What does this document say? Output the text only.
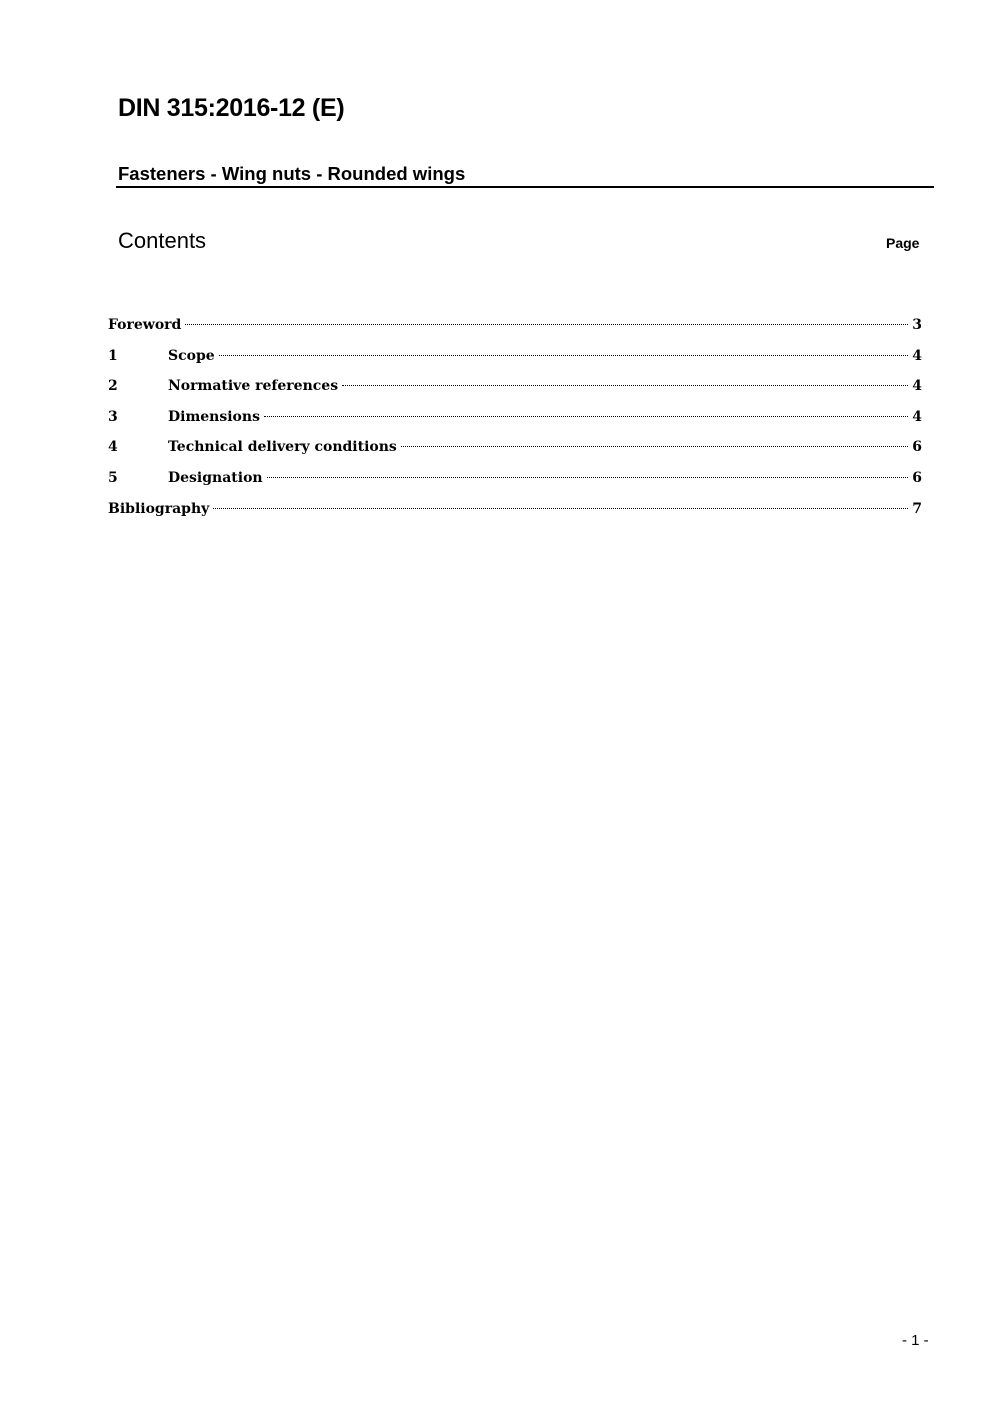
DIN 315:2016-12 (E)
Fasteners - Wing nuts - Rounded wings
Contents	Page
Foreword	3
1	Scope	4
2	Normative references	4
3	Dimensions	4
4	Technical delivery conditions	6
5	Designation	6
Bibliography	7
- 1 -
